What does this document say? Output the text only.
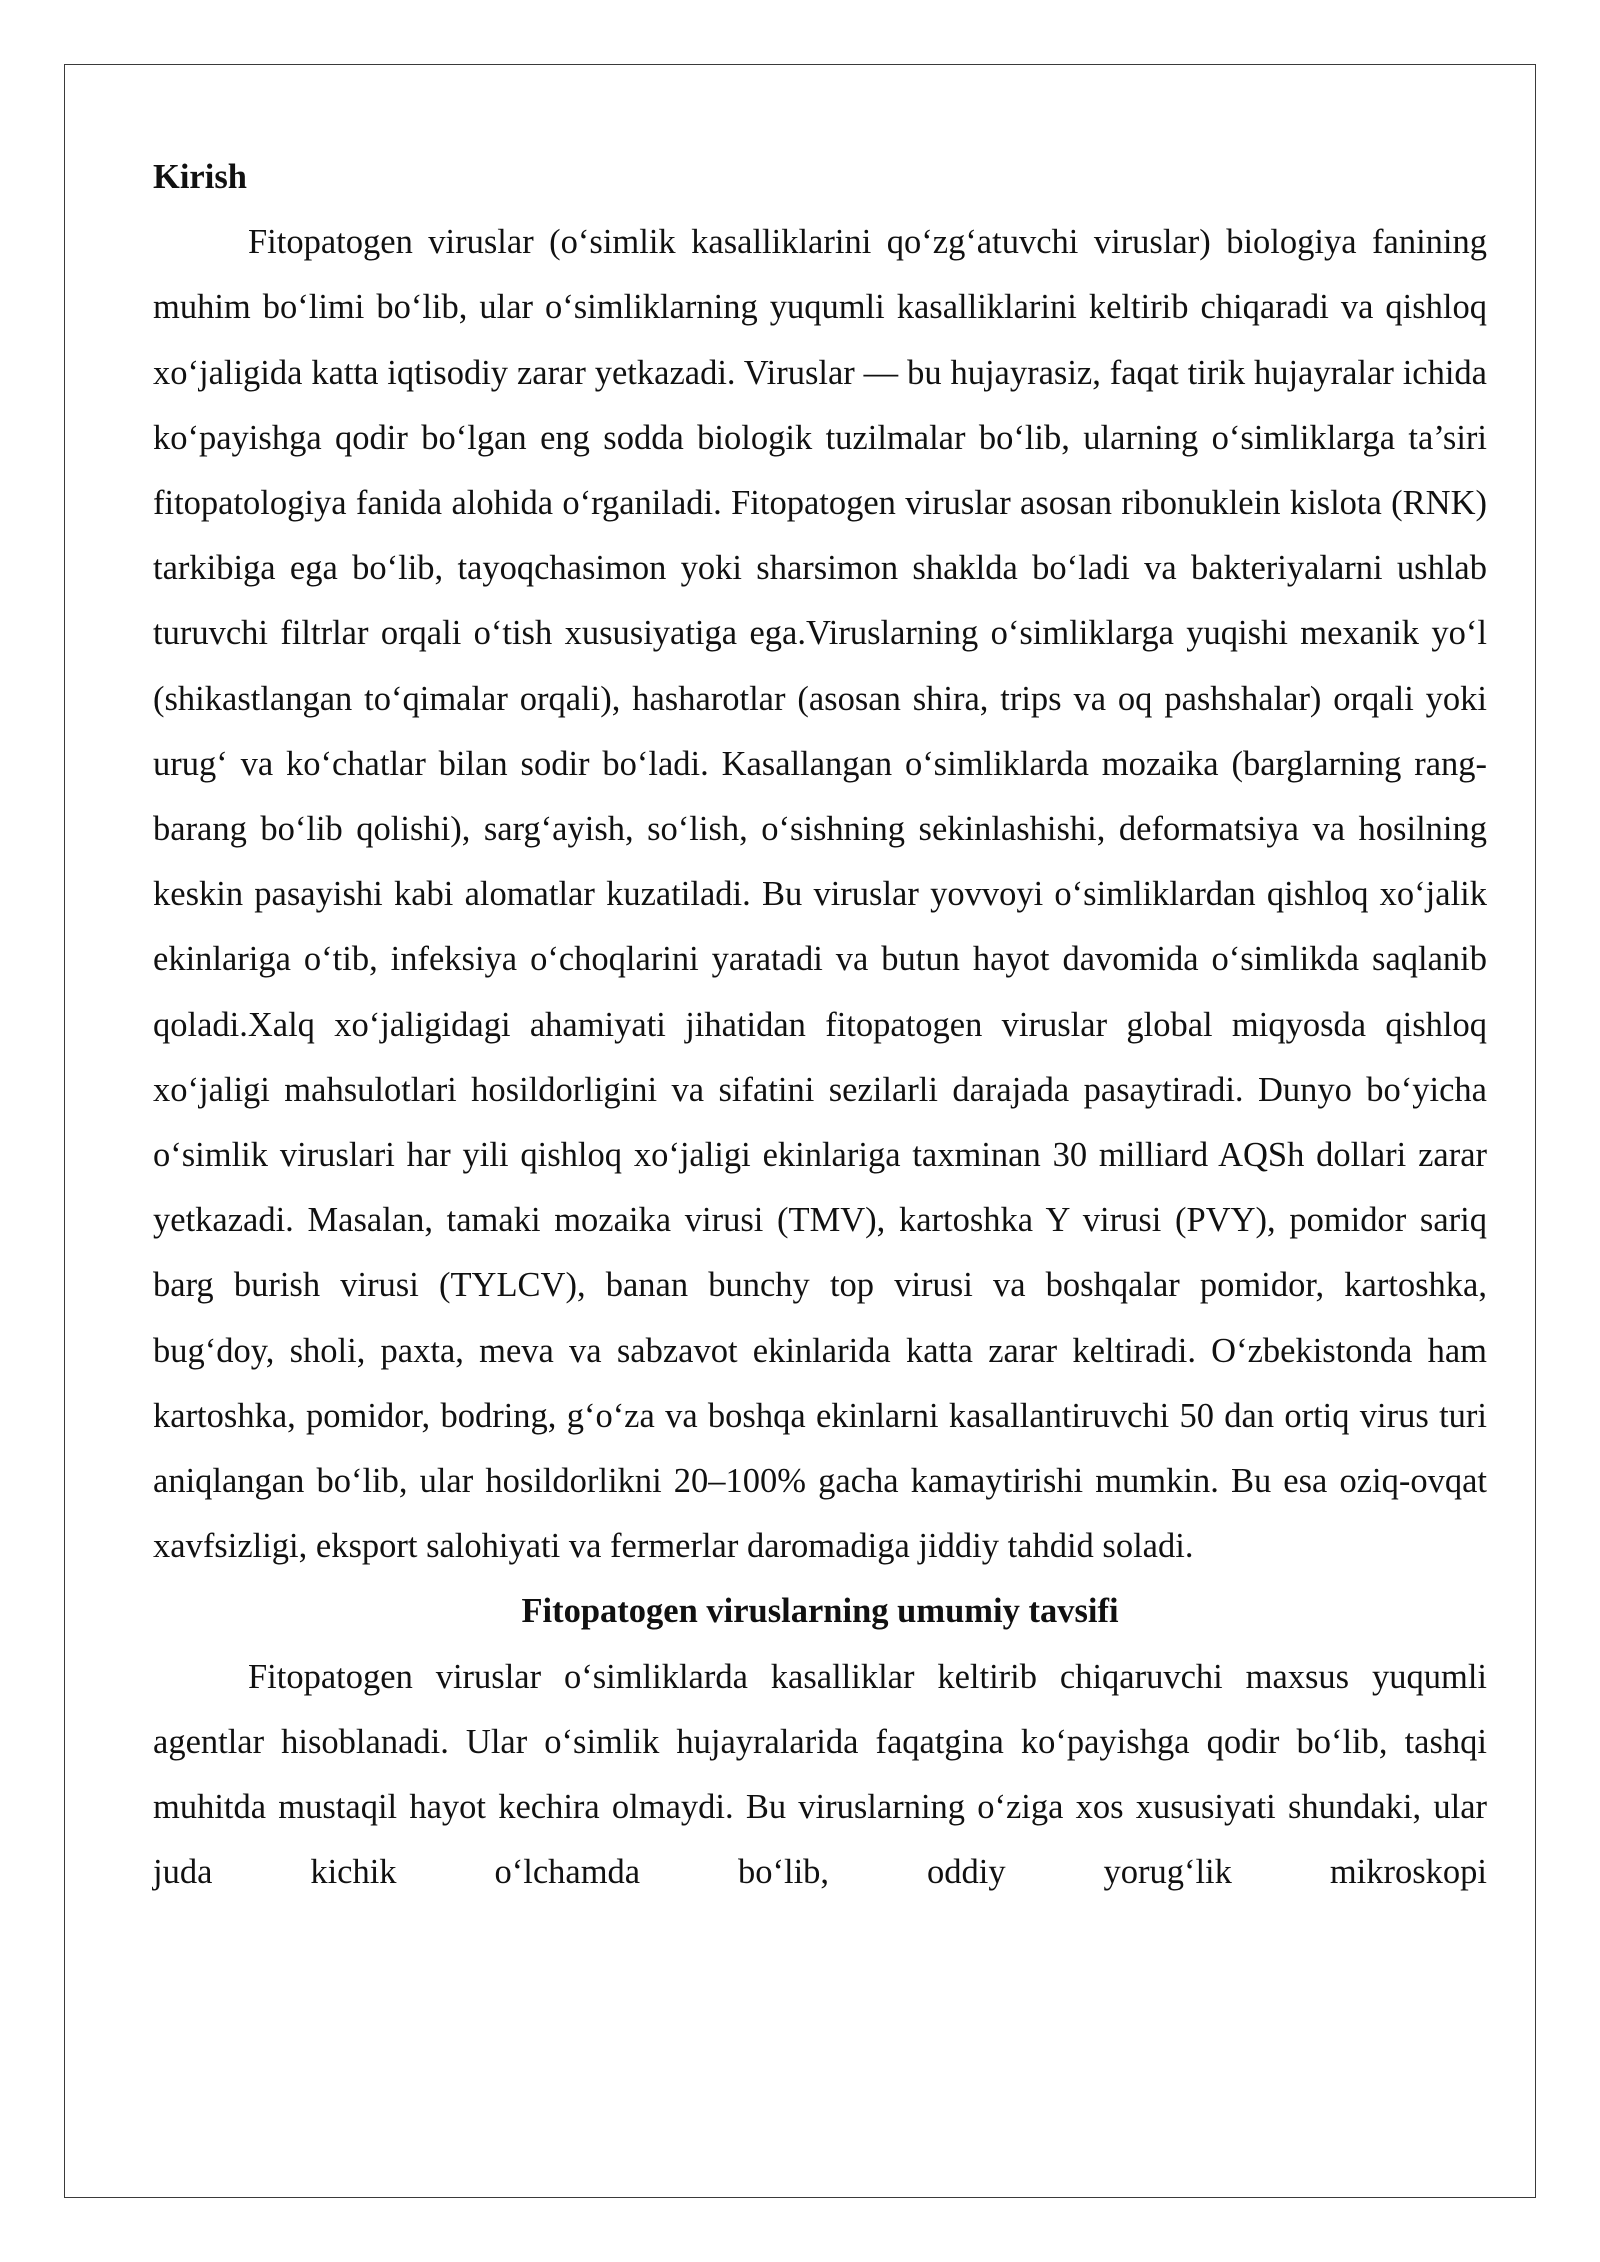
Kirish

Fitopatogen viruslar (o‘simlik kasalliklarini qo‘zg‘atuvchi viruslar) biologiya fanining muhim bo‘limi bo‘lib, ular o‘simliklarning yuqumli kasalliklarini keltirib chiqaradi va qishloq xo‘jaligida katta iqtisodiy zarar yetkazadi. Viruslar — bu hujayrasiz, faqat tirik hujayralar ichida ko‘payishga qodir bo‘lgan eng sodda biologik tuzilmalar bo‘lib, ularning o‘simliklarga ta’siri fitopatologiya fanida alohida o‘rganiladi. Fitopatogen viruslar asosan ribonuklein kislota (RNK) tarkibiga ega bo‘lib, tayoqchasimon yoki sharsimon shaklda bo‘ladi va bakteriyalarni ushlab turuvchi filtrlar orqali o‘tish xususiyatiga ega.Viruslarning o‘simliklarga yuqishi mexanik yo‘l (shikastlangan to‘qimalar orqali), hasharotlar (asosan shira, trips va oq pashshalar) orqali yoki urug‘ va ko‘chatlar bilan sodir bo‘ladi. Kasallangan o‘simliklarda mozaika (barglarning rang-barang bo‘lib qolishi), sarg‘ayish, so‘lish, o‘sishning sekinlashishi, deformatsiya va hosilning keskin pasayishi kabi alomatlar kuzatiladi. Bu viruslar yovvoyi o‘simliklardan qishloq xo‘jalik ekinlariga o‘tib, infeksiya o‘choqlarini yaratadi va butun hayot davomida o‘simlikda saqlanib qoladi.Xalq xo‘jaligidagi ahamiyati jihatidan fitopatogen viruslar global miqyosda qishloq xo‘jaligi mahsulotlari hosildorligini va sifatini sezilarli darajada pasaytiradi. Dunyo bo‘yicha o‘simlik viruslari har yili qishloq xo‘jaligi ekinlariga taxminan 30 milliard AQSh dollari zarar yetkazadi. Masalan, tamaki mozaika virusi (TMV), kartoshka Y virusi (PVY), pomidor sariq barg burish virusi (TYLCV), banan bunchy top virusi va boshqalar pomidor, kartoshka, bug‘doy, sholi, paxta, meva va sabzavot ekinlarida katta zarar keltiradi. O‘zbekistonda ham kartoshka, pomidor, bodring, g‘o‘za va boshqa ekinlarni kasallantiruvchi 50 dan ortiq virus turi aniqlangan bo‘lib, ular hosildorlikni 20–100% gacha kamaytirishi mumkin. Bu esa oziq-ovqat xavfsizligi, eksport salohiyati va fermerlar daromadiga jiddiy tahdid soladi.

Fitopatogen viruslarning umumiy tavsifi

Fitopatogen viruslar o‘simliklarda kasalliklar keltirib chiqaruvchi maxsus yuqumli agentlar hisoblanadi. Ular o‘simlik hujayralarida faqatgina ko‘payishga qodir bo‘lib, tashqi muhitda mustaqil hayot kechira olmaydi. Bu viruslarning o‘ziga xos xususiyati shundaki, ular juda kichik o‘lchamda bo‘lib, oddiy yorug‘lik mikroskopi
